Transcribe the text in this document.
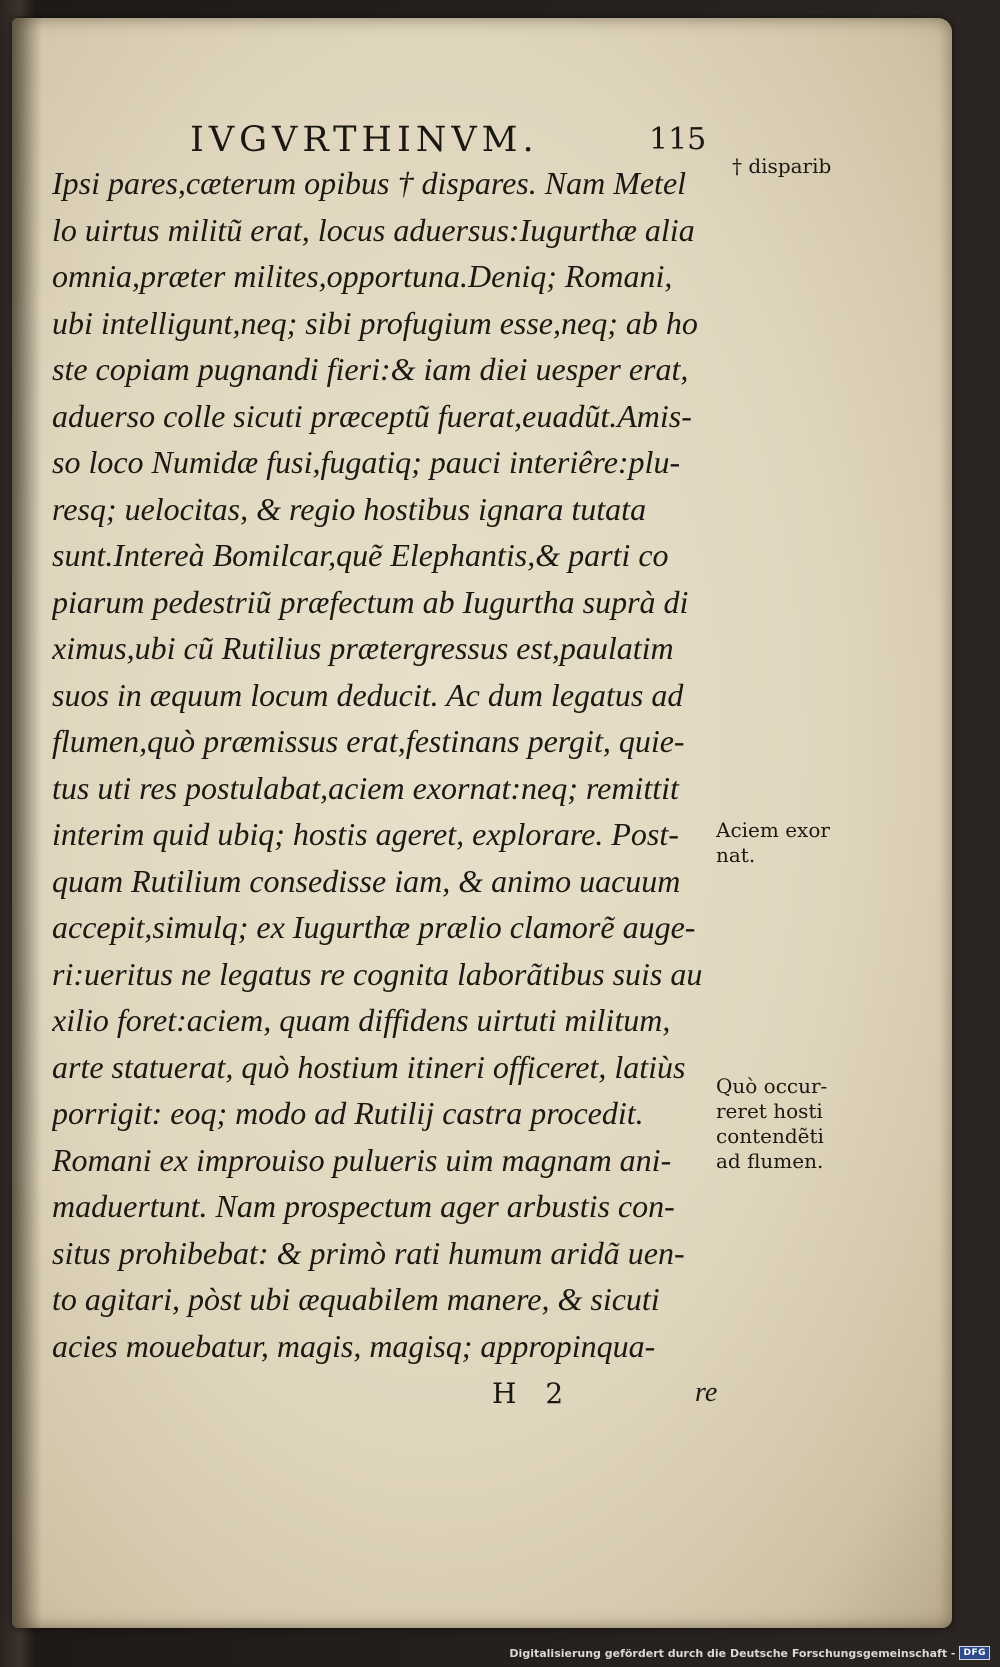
IVGVRTHINVM.	115
Ipsi pares,cæterum opibus † dispares. Nam Metel
lo uirtus militũ erat, locus aduersus:Iugurthæ alia
omnia,præter milites,opportuna.Deniq; Romani,
ubi intelligunt,neq; sibi profugium esse,neq; ab ho
ste copiam pugnandi fieri:& iam diei uesper erat,
aduerso colle sicuti præceptũ fuerat,euadũt.Amis-
so loco Numidæ fusi,fugatiq; pauci interiêre:plu-
resq; uelocitas, & regio hostibus ignara tutata
sunt.Intereà Bomilcar,quẽ Elephantis,& parti co
piarum pedestriũ præfectum ab Iugurtha suprà di
ximus,ubi cũ Rutilius prætergressus est,paulatim
suos in æquum locum deducit. Ac dum legatus ad
flumen,quò præmissus erat,festinans pergit, quie-
tus uti res postulabat,aciem exornat:neq; remittit
interim quid ubiq; hostis ageret, explorare. Post-
quam Rutilium consedisse iam, & animo uacuum
accepit,simulq; ex Iugurthæ prælio clamorẽ auge-
ri:ueritus ne legatus re cognita laborãtibus suis au
xilio foret:aciem, quam diffidens uirtuti militum,
arte statuerat, quò hostium itineri officeret, latiùs
porrigit: eoq; modo ad Rutilij castra procedit.
Romani ex improuiso pulueris uim magnam ani-
maduertunt. Nam prospectum ager arbustis con-
situs prohibebat: & primò rati humum aridã uen-
to agitari, pòst ubi æquabilem manere, & sicuti
acies mouebatur, magis, magisq; appropinqua-
† disparib
Aciem exor
nat.
Quò occur-
reret hosti
contendẽti
ad flumen.
H 2	re
Digitalisierung gefördert durch die Deutsche Forschungsgemeinschaft - DFG
